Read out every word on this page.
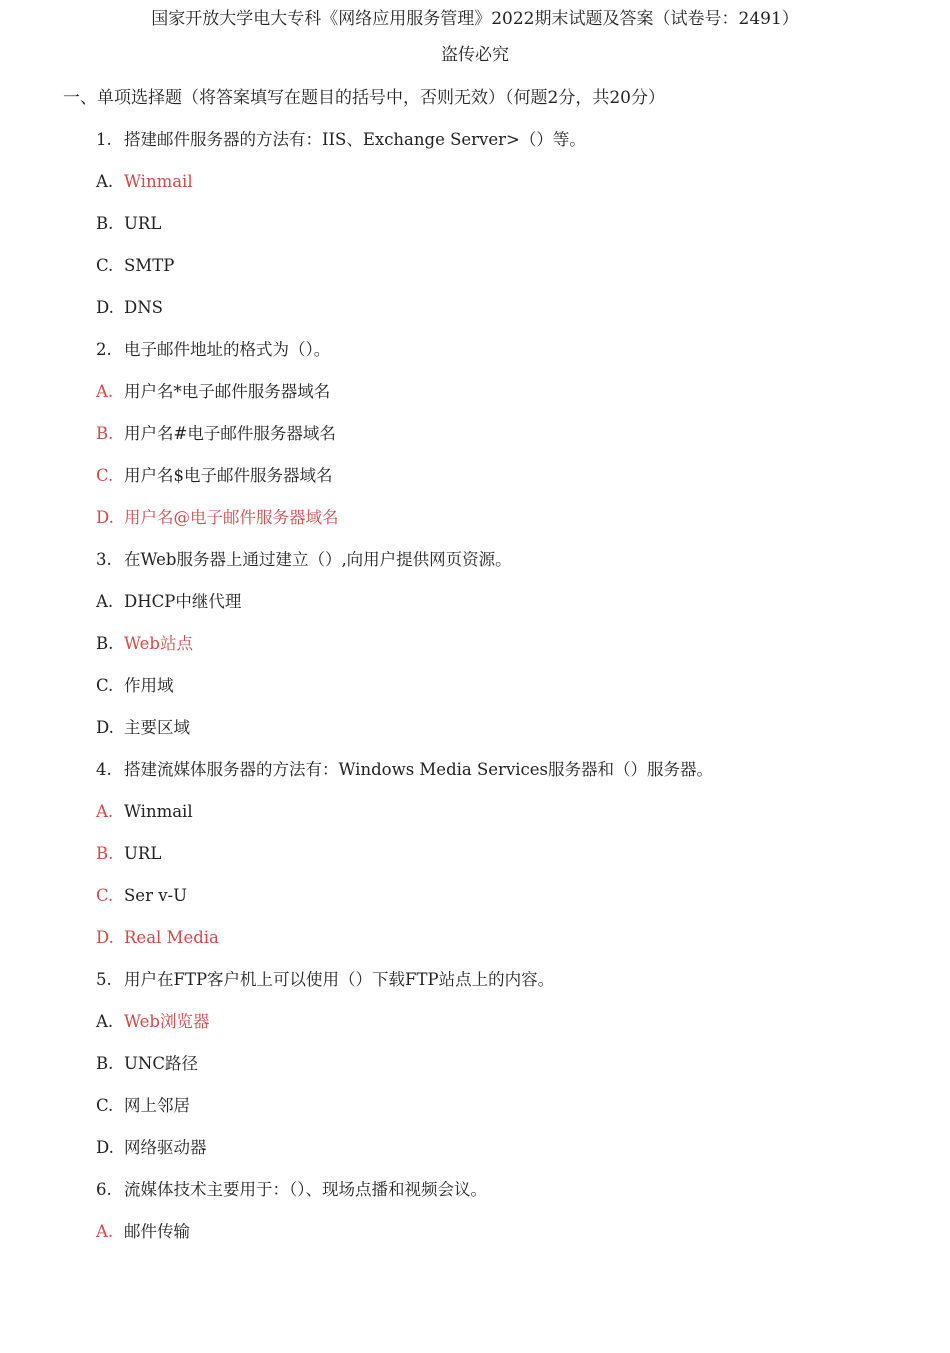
国家开放大学电大专科《网络应用服务管理》2022期末试题及答案（试卷号：2491）
盗传必究
一、单项选择题（将答案填写在题目的括号中，否则无效）（何题2分，共20分）
1. 搭建邮件服务器的方法有：IIS、Exchange Server>（）等。
A. Winmail
B. URL
C. SMTP
D. DNS
2. 电子邮件地址的格式为（）。
A. 用户名*电子邮件服务器域名
B. 用户名#电子邮件服务器域名
C. 用户名$电子邮件服务器域名
D. 用户名@电子邮件服务器域名
3. 在Web服务器上通过建立（）,向用户提供网页资源。
A. DHCP中继代理
B. Web站点
C. 作用域
D. 主要区域
4. 搭建流媒体服务器的方法有：Windows Media Services服务器和（）服务器。
A. Winmail
B. URL
C. Ser v-U
D. Real Media
5. 用户在FTP客户机上可以使用（）下载FTP站点上的内容。
A. Web浏览器
B. UNC路径
C. 网上邻居
D. 网络驱动器
6. 流媒体技术主要用于：（）、现场点播和视频会议。
A. 邮件传输
